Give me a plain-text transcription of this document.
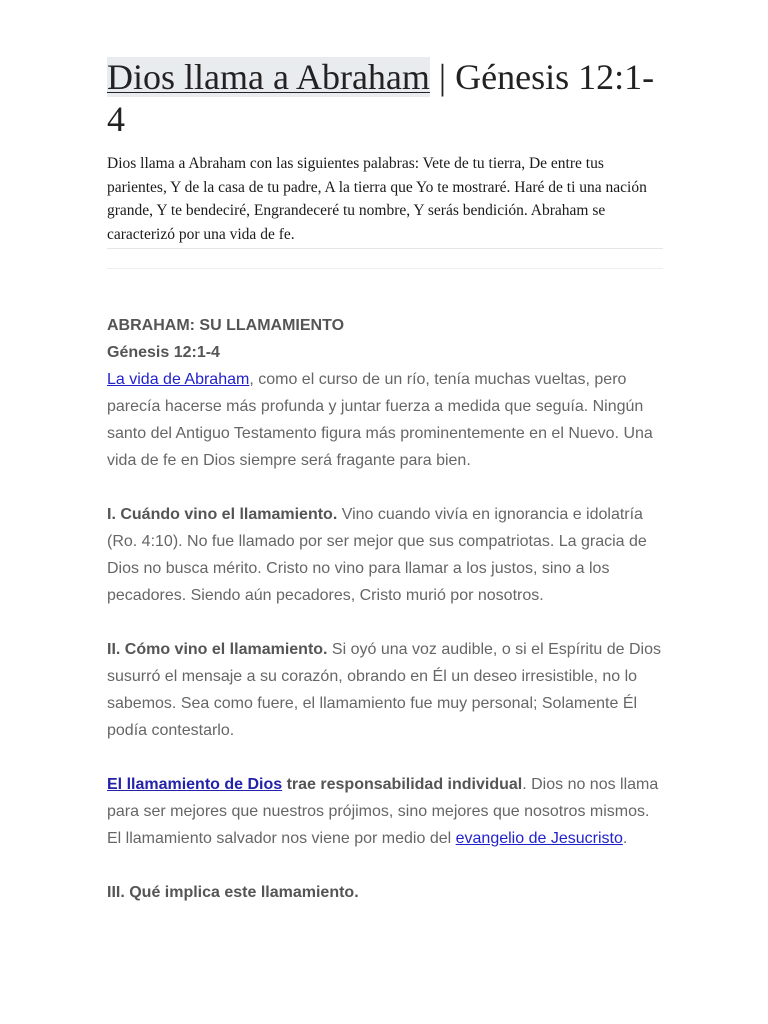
Dios llama a Abraham | Génesis 12:1-4

Dios llama a Abraham con las siguientes palabras: Vete de tu tierra, De entre tus parientes, Y de la casa de tu padre, A la tierra que Yo te mostraré. Haré de ti una nación grande, Y te bendeciré, Engrandeceré tu nombre, Y serás bendición. Abraham se caracterizó por una vida de fe.

ABRAHAM: SU LLAMAMIENTO
Génesis 12:1-4

La vida de Abraham, como el curso de un río, tenía muchas vueltas, pero parecía hacerse más profunda y juntar fuerza a medida que seguía. Ningún santo del Antiguo Testamento figura más prominentemente en el Nuevo. Una vida de fe en Dios siempre será fragante para bien.

I. Cuándo vino el llamamiento. Vino cuando vivía en ignorancia e idolatría (Ro. 4:10). No fue llamado por ser mejor que sus compatriotas. La gracia de Dios no busca mérito. Cristo no vino para llamar a los justos, sino a los pecadores. Siendo aún pecadores, Cristo murió por nosotros.

II. Cómo vino el llamamiento. Si oyó una voz audible, o si el Espíritu de Dios susurró el mensaje a su corazón, obrando en Él un deseo irresistible, no lo sabemos. Sea como fuere, el llamamiento fue muy personal; Solamente Él podía contestarlo.

El llamamiento de Dios trae responsabilidad individual. Dios no nos llama para ser mejores que nuestros prójimos, sino mejores que nosotros mismos. El llamamiento salvador nos viene por medio del evangelio de Jesucristo.

III. Qué implica este llamamiento.
